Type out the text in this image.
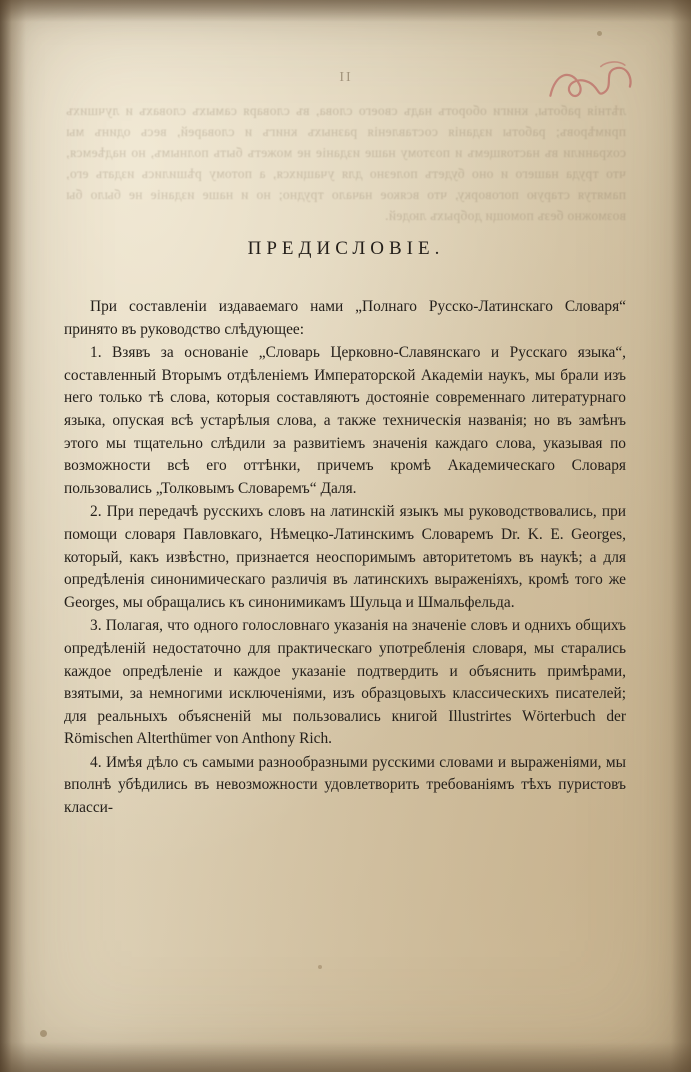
II
лѣтнія работы, книги оборотъ надъ своего слова, въ словаря самыхъ словахъ и лучшихъ примѣровъ; работы изданія составленія разныхъ книгъ и словарей, весь одинъ мы сохранили въ настоящемъ и поэтому наше изданіе не можетъ быть полнымъ, но надѣемся, что труда нашего и оно будетъ полезно для учащихся, а потому рѣшились издать его, памятуя старую поговорку, что всякое начало трудно; но и наше изданіе не было бы возможно безъ помощи добрыхъ людей.
ПРЕДИСЛОВІЕ.

При составленіи издаваемаго нами „Полнаго Русско-Латинскаго Словаря“ принято въ руководство слѣдующее:

1. Взявъ за основаніе „Словарь Церковно-Славянскаго и Русскаго языка“, составленный Вторымъ отдѣленіемъ Императорской Академіи наукъ, мы брали изъ него только тѣ слова, которыя составляютъ достояніе современнаго литературнаго языка, опуская всѣ устарѣлыя слова, а также техническія названія; но въ замѣнъ этого мы тщательно слѣдили за развитіемъ значенія каждаго слова, указывая по возможности всѣ его оттѣнки, причемъ кромѣ Академическаго Словаря пользовались „Толковымъ Словаремъ“ Даля.

2. При передачѣ русскихъ словъ на латинскій языкъ мы руководствовались, при помощи словаря Павловкаго, Нѣмецко-Латинскимъ Словаремъ Dr. K. E. Georges, который, какъ извѣстно, признается неоспоримымъ авторитетомъ въ наукѣ; а для опредѣленія синонимическаго различія въ латинскихъ выраженіяхъ, кромѣ того же Georges, мы обращались къ синонимикамъ Шульца и Шмальфельда.

3. Полагая, что одного голословнаго указанія на значеніе словъ и однихъ общихъ опредѣленій недостаточно для практическаго употребленія словаря, мы старались каждое опредѣленіе и каждое указаніе подтвердить и объяснить примѣрами, взятыми, за немногими исключеніями, изъ образцовыхъ классическихъ писателей; для реальныхъ объясненій мы пользовались книгой Illustrirtes Wörterbuch der Römischen Alterthümer von Anthony Rich.

4. Имѣя дѣло съ самыми разнообразными русскими словами и выраженіями, мы вполнѣ убѣдились въ невозможности удовлетворить требованіямъ тѣхъ пуристовъ класси-
